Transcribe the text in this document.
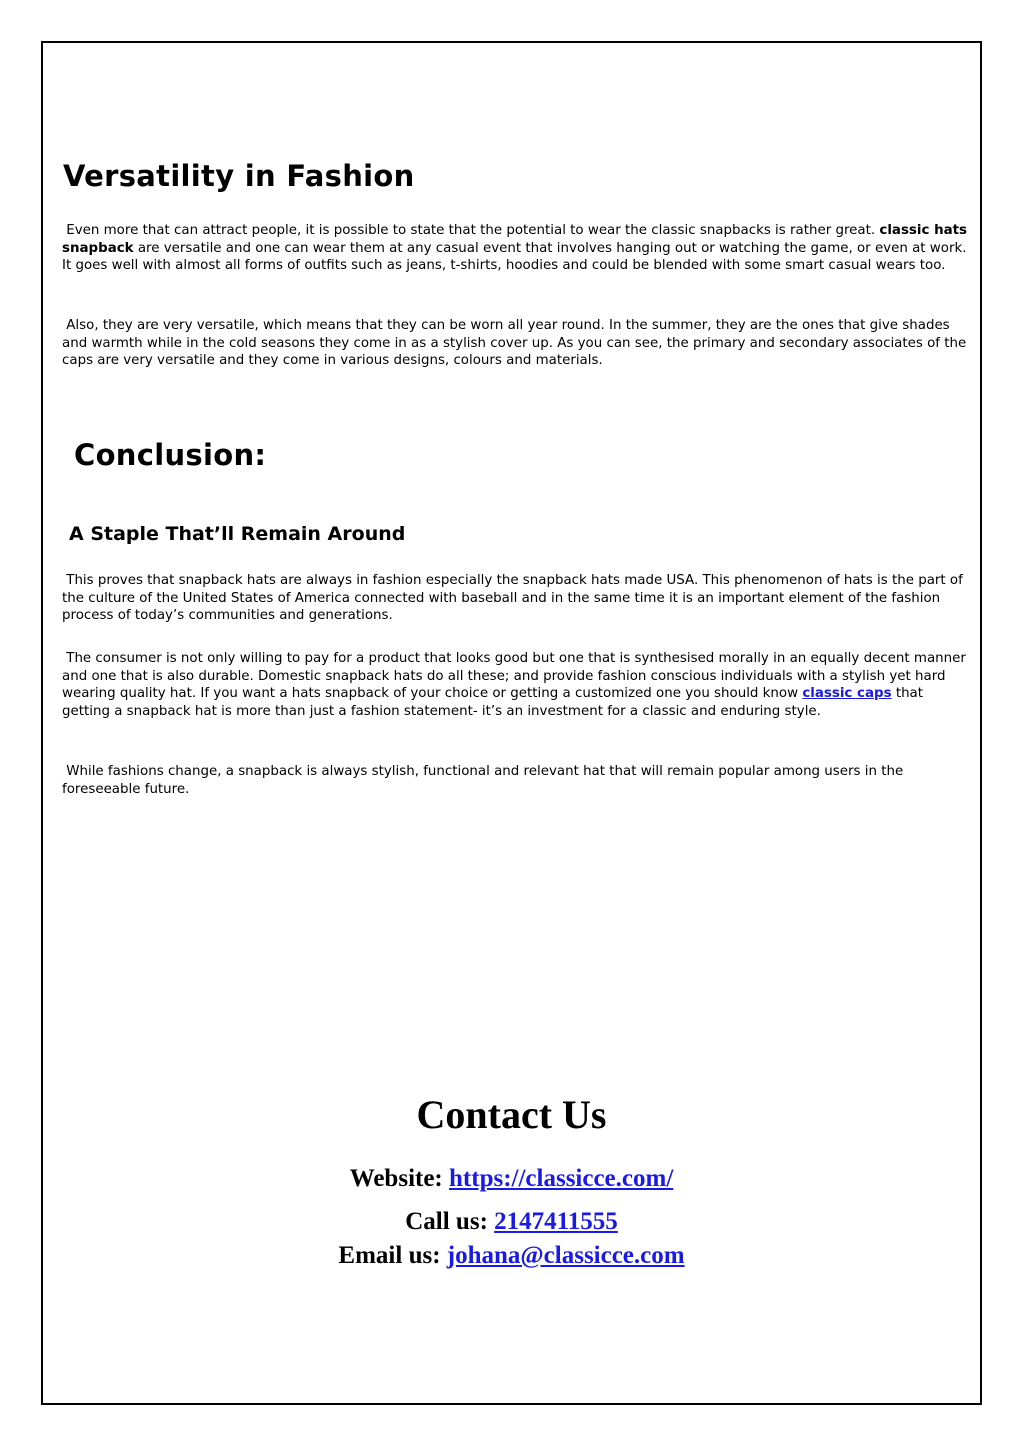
Versatility in Fashion

Even more that can attract people, it is possible to state that the potential to wear the classic snapbacks is rather great. classic hats snapback are versatile and one can wear them at any casual event that involves hanging out or watching the game, or even at work. It goes well with almost all forms of outfits such as jeans, t-shirts, hoodies and could be blended with some smart casual wears too.

Also, they are very versatile, which means that they can be worn all year round. In the summer, they are the ones that give shades and warmth while in the cold seasons they come in as a stylish cover up. As you can see, the primary and secondary associates of the caps are very versatile and they come in various designs, colours and materials.

Conclusion:
A Staple That’ll Remain Around

This proves that snapback hats are always in fashion especially the snapback hats made USA. This phenomenon of hats is the part of the culture of the United States of America connected with baseball and in the same time it is an important element of the fashion process of today’s communities and generations.

The consumer is not only willing to pay for a product that looks good but one that is synthesised morally in an equally decent manner and one that is also durable. Domestic snapback hats do all these; and provide fashion conscious individuals with a stylish yet hard wearing quality hat. If you want a hats snapback of your choice or getting a customized one you should know classic caps that getting a snapback hat is more than just a fashion statement- it’s an investment for a classic and enduring style.

While fashions change, a snapback is always stylish, functional and relevant hat that will remain popular among users in the foreseeable future.

Contact Us
Website: https://classicce.com/
Call us: 2147411555
Email us: johana@classicce.com
